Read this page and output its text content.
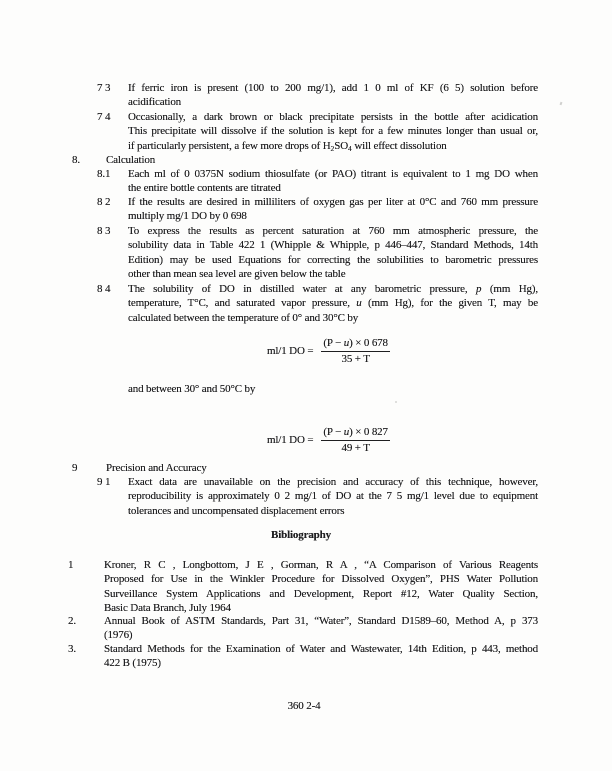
7 3 If ferric iron is present (100 to 200 mg/1), add 1 0 ml of KF (6 5) solution before
acidification
7 4 Occasionally, a dark brown or black precipitate persists in the bottle after acidication
This precipitate will dissolve if the solution is kept for a few minutes longer than usual or,
if particularly persistent, a few more drops of $H_2SO_4$ will effect dissolution
8. Calculation
8.1 Each ml of 0 0375N sodium thiosulfate (or PAO) titrant is equivalent to 1 mg DO when
the entire bottle contents are titrated
8 2 If the results are desired in milliliters of oxygen gas per liter at 0°C and 760 mm pressure
multiply mg/1 DO by 0 698
8 3 To express the results as percent saturation at 760 mm atmospheric pressure, the
solubility data in Table 422 1 (Whipple & Whipple, p 446–447, Standard Methods, 14th
Edition) may be used Equations for correcting the solubilities to barometric pressures
other than mean sea level are given below the table
8 4 The solubility of DO in distilled water at any barometric pressure, p (mm Hg),
temperature, T°C, and saturated vapor pressure, u (mm Hg), for the given T, may be
calculated between the temperature of 0° and 30°C by
ml/1 DO = $\frac{(P - u) \times 0 678}{35 + T}$
and between 30° and 50°C by
ml/1 DO = $\frac{(P - u) \times 0 827}{49 + T}$
9	Precision and Accuracy
9 1 Exact data are unavailable on the precision and accuracy of this technique, however,
reproducibility is approximately 0 2 mg/1 of DO at the 7 5 mg/1 level due to equipment
tolerances and uncompensated displacement errors
Bibliography
1	Kroner, R C , Longbottom, J E , Gorman, R A , “A Comparison of Various Reagents
Proposed for Use in the Winkler Procedure for Dissolved Oxygen”, PHS Water Pollution
Surveillance System Applications and Development, Report #12, Water Quality Section,
Basic Data Branch, July 1964
2.	Annual Book of ASTM Standards, Part 31, “Water”, Standard D1589–60, Method A, p 373
(1976)
3.	Standard Methods for the Examination of Water and Wastewater, 14th Edition, p 443, method
422 B (1975)
360 2-4
